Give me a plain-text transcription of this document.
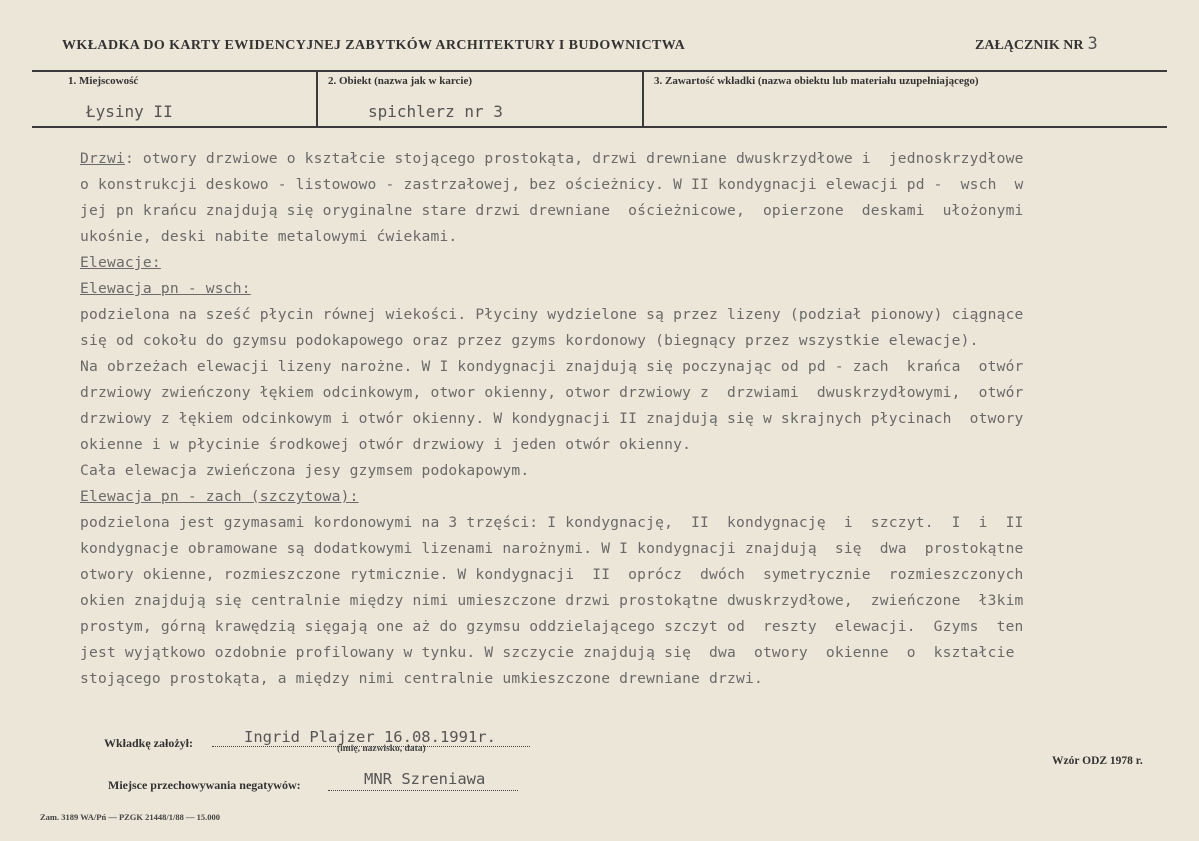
WKŁADKA DO KARTY EWIDENCYJNEJ ZABYTKÓW ARCHITEKTURY I BUDOWNICTWA	ZAŁĄCZNIK NR 3
1. Miejscowość
Łysiny II
2. Obiekt (nazwa jak w karcie)
spichlerz nr 3
3. Zawartość wkładki (nazwa obiektu lub materiału uzupełniającego)
Drzwi: otwory drzwiowe o kształcie stojącego prostokąta, drzwi drewniane dwuskrzydłowe i  jednoskrzydłowe
o konstrukcji deskowo - listowowo - zastrzałowej, bez ościeżnicy. W II kondygnacji elewacji pd -  wsch  w
jej pn krańcu znajdują się oryginalne stare drzwi drewniane  ościeżnicowe,  opierzone  deskami  ułożonymi
ukośnie, deski nabite metalowymi ćwiekami.
Elewacje:
Elewacja pn - wsch:
podzielona na sześć płycin równej wiekości. Płyciny wydzielone są przez lizeny (podział pionowy) ciągnące
się od cokołu do gzymsu podokapowego oraz przez gzyms kordonowy (biegnący przez wszystkie elewacje).
Na obrzeżach elewacji lizeny narożne. W I kondygnacji znajdują się poczynając od pd - zach  krańca  otwór
drzwiowy zwieńczony łękiem odcinkowym, otwor okienny, otwor drzwiowy z  drzwiami  dwuskrzydłowymi,  otwór
drzwiowy z łękiem odcinkowym i otwór okienny. W kondygnacji II znajdują się w skrajnych płycinach  otwory
okienne i w płycinie środkowej otwór drzwiowy i jeden otwór okienny.
Cała elewacja zwieńczona jesy gzymsem podokapowym.
Elewacja pn - zach (szczytowa):
podzielona jest gzymasami kordonowymi na 3 trzęści: I kondygnację,  II  kondygnację  i  szczyt.  I  i  II
kondygnacje obramowane są dodatkowymi lizenami narożnymi. W I kondygnacji znajdują  się  dwa  prostokątne
otwory okienne, rozmieszczone rytmicznie. W kondygnacji  II  oprócz  dwóch  symetrycznie  rozmieszczonych
okien znajdują się centralnie między nimi umieszczone drzwi prostokątne dwuskrzydłowe,  zwieńczone  ł3kim
prostym, górną krawędzią sięgają one aż do gzymsu oddzielającego szczyt od  reszty  elewacji.  Gzyms  ten
jest wyjątkowo ozdobnie profilowany w tynku. W szczycie znajdują się  dwa  otwory  okienne  o  kształcie
stojącego prostokąta, a między nimi centralnie umkieszczone drewniane drzwi.
Wkładkę założył:	Ingrid Plajzer 16.08.1991r.
(imię, nazwisko, data)
Miejsce przechowywania negatywów:	MNR Szreniawa
Wzór ODZ 1978 r.
Zam. 3189 WA/Pń — PZGK 21448/1/88 — 15.000
